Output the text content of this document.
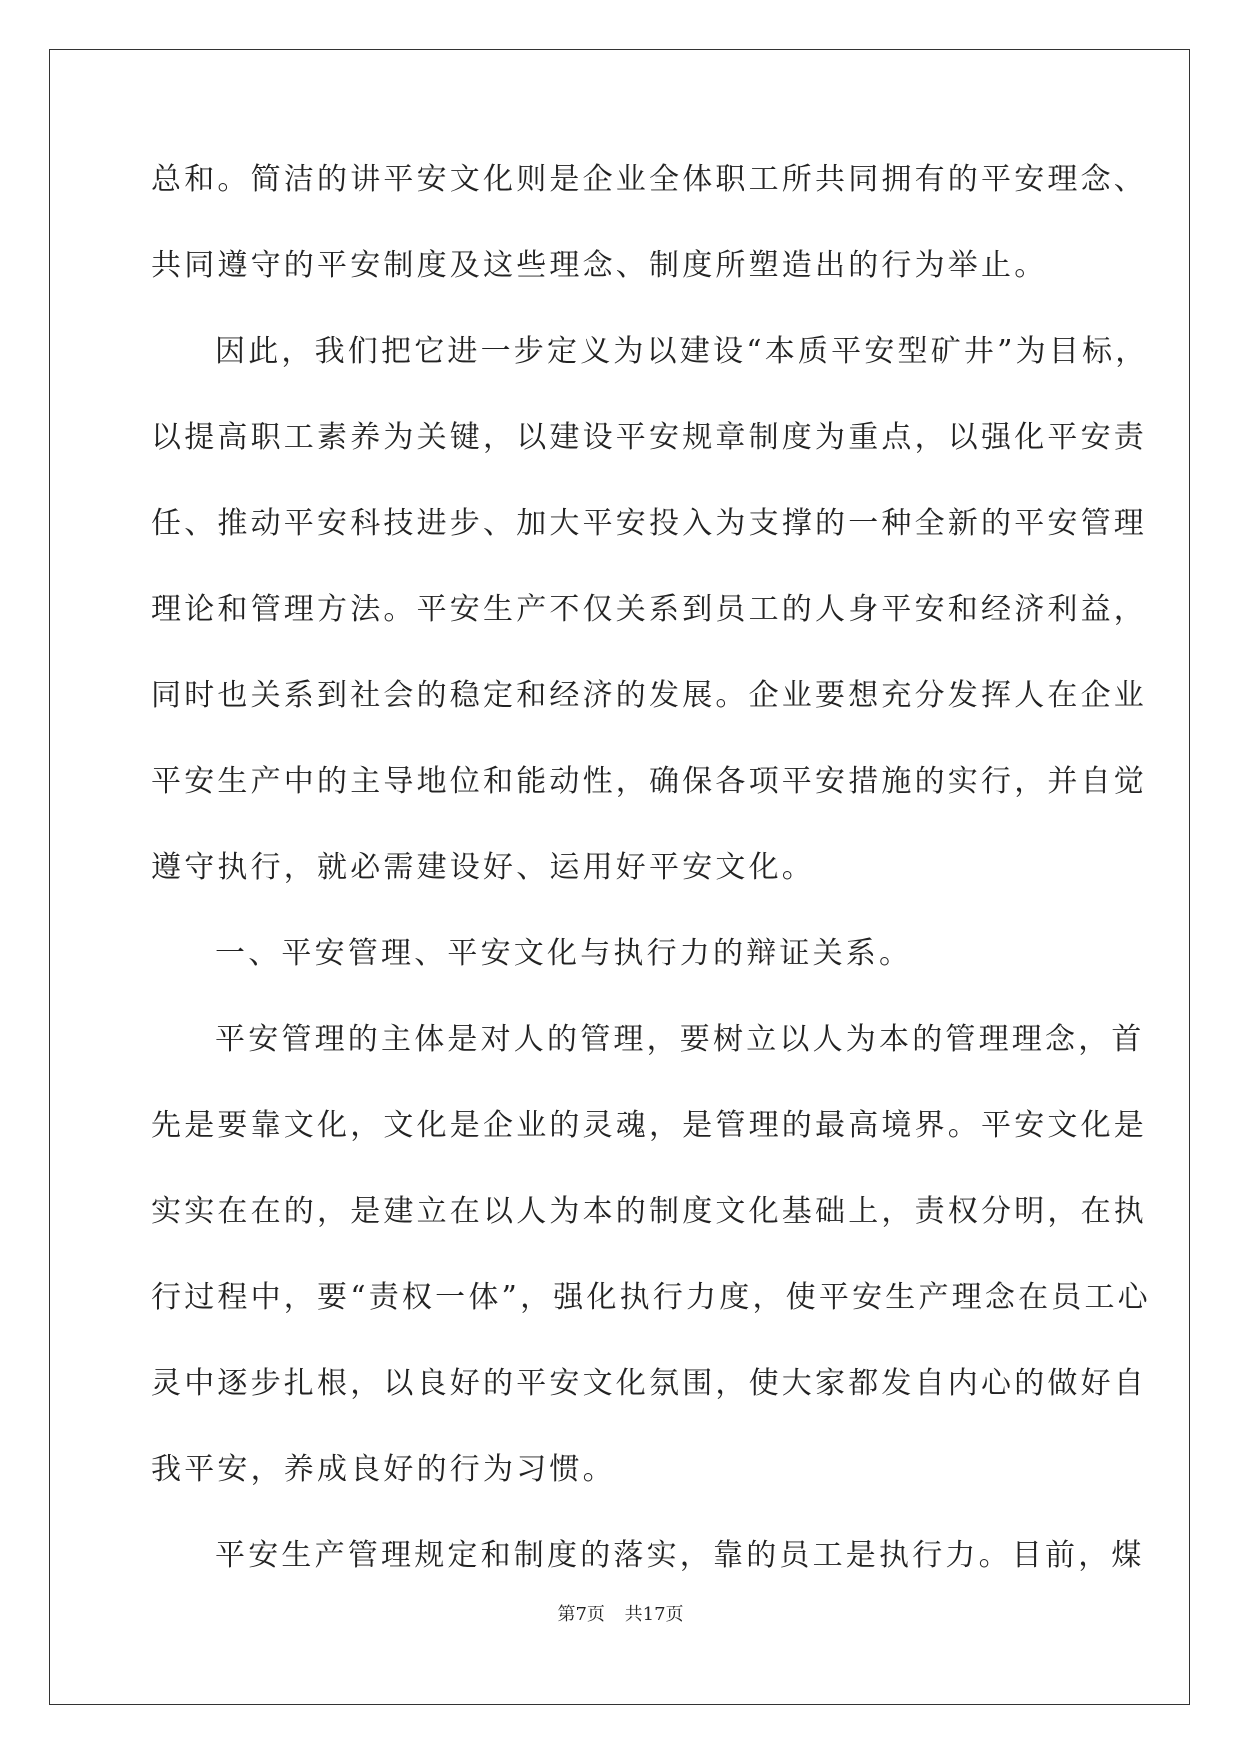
总和。简洁的讲平安文化则是企业全体职工所共同拥有的平安理念、
共同遵守的平安制度及这些理念、制度所塑造出的行为举止。
因此，我们把它进一步定义为以建设“本质平安型矿井”为目标，
以提高职工素养为关键，以建设平安规章制度为重点，以强化平安责
任、推动平安科技进步、加大平安投入为支撑的一种全新的平安管理
理论和管理方法。平安生产不仅关系到员工的人身平安和经济利益，
同时也关系到社会的稳定和经济的发展。企业要想充分发挥人在企业
平安生产中的主导地位和能动性，确保各项平安措施的实行，并自觉
遵守执行，就必需建设好、运用好平安文化。
一、平安管理、平安文化与执行力的辩证关系。
平安管理的主体是对人的管理，要树立以人为本的管理理念，首
先是要靠文化，文化是企业的灵魂，是管理的最高境界。平安文化是
实实在在的，是建立在以人为本的制度文化基础上，责权分明，在执
行过程中，要“责权一体”，强化执行力度，使平安生产理念在员工心
灵中逐步扎根，以良好的平安文化氛围，使大家都发自内心的做好自
我平安，养成良好的行为习惯。
平安生产管理规定和制度的落实，靠的员工是执行力。目前，煤
第7页 共17页
